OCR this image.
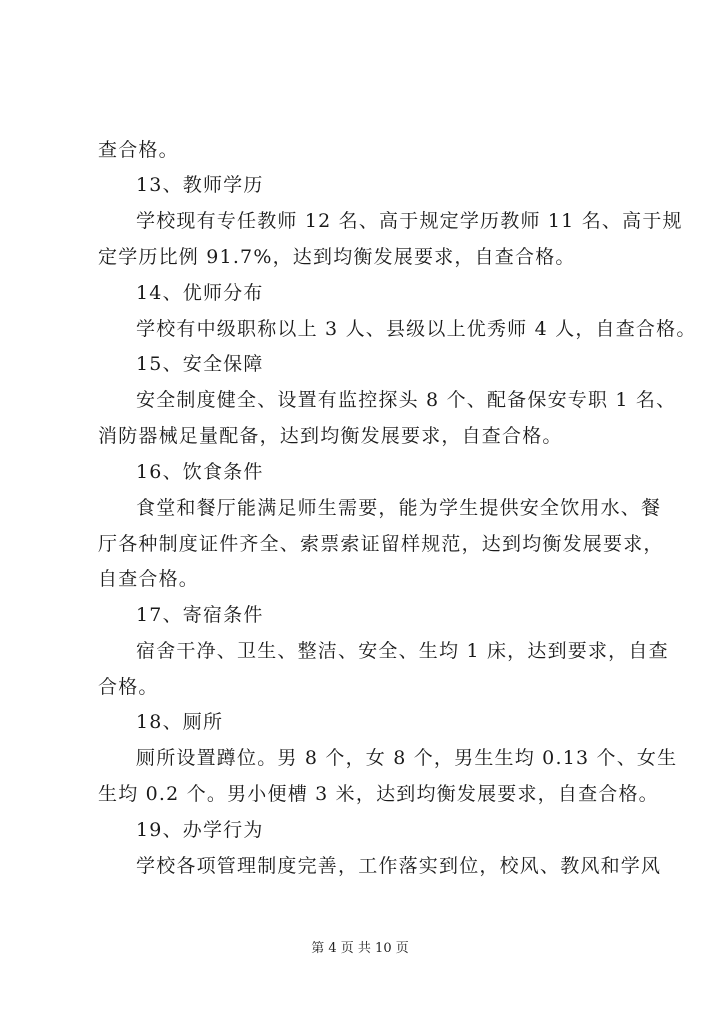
查合格。
13、教师学历
学校现有专任教师 12 名、高于规定学历教师 11 名、高于规
定学历比例 91.7%，达到均衡发展要求，自查合格。
14、优师分布
学校有中级职称以上 3 人、县级以上优秀师 4 人，自查合格。
15、安全保障
安全制度健全、设置有监控探头 8 个、配备保安专职 1 名、
消防器械足量配备，达到均衡发展要求，自查合格。
16、饮食条件
食堂和餐厅能满足师生需要，能为学生提供安全饮用水、餐
厅各种制度证件齐全、索票索证留样规范，达到均衡发展要求，
自查合格。
17、寄宿条件
宿舍干净、卫生、整洁、安全、生均 1 床，达到要求，自查
合格。
18、厕所
厕所设置蹲位。男 8 个，女 8 个，男生生均 0.13 个、女生
生均 0.2 个。男小便槽 3 米，达到均衡发展要求，自查合格。
19、办学行为
学校各项管理制度完善，工作落实到位，校风、教风和学风
第 4 页 共 10 页
